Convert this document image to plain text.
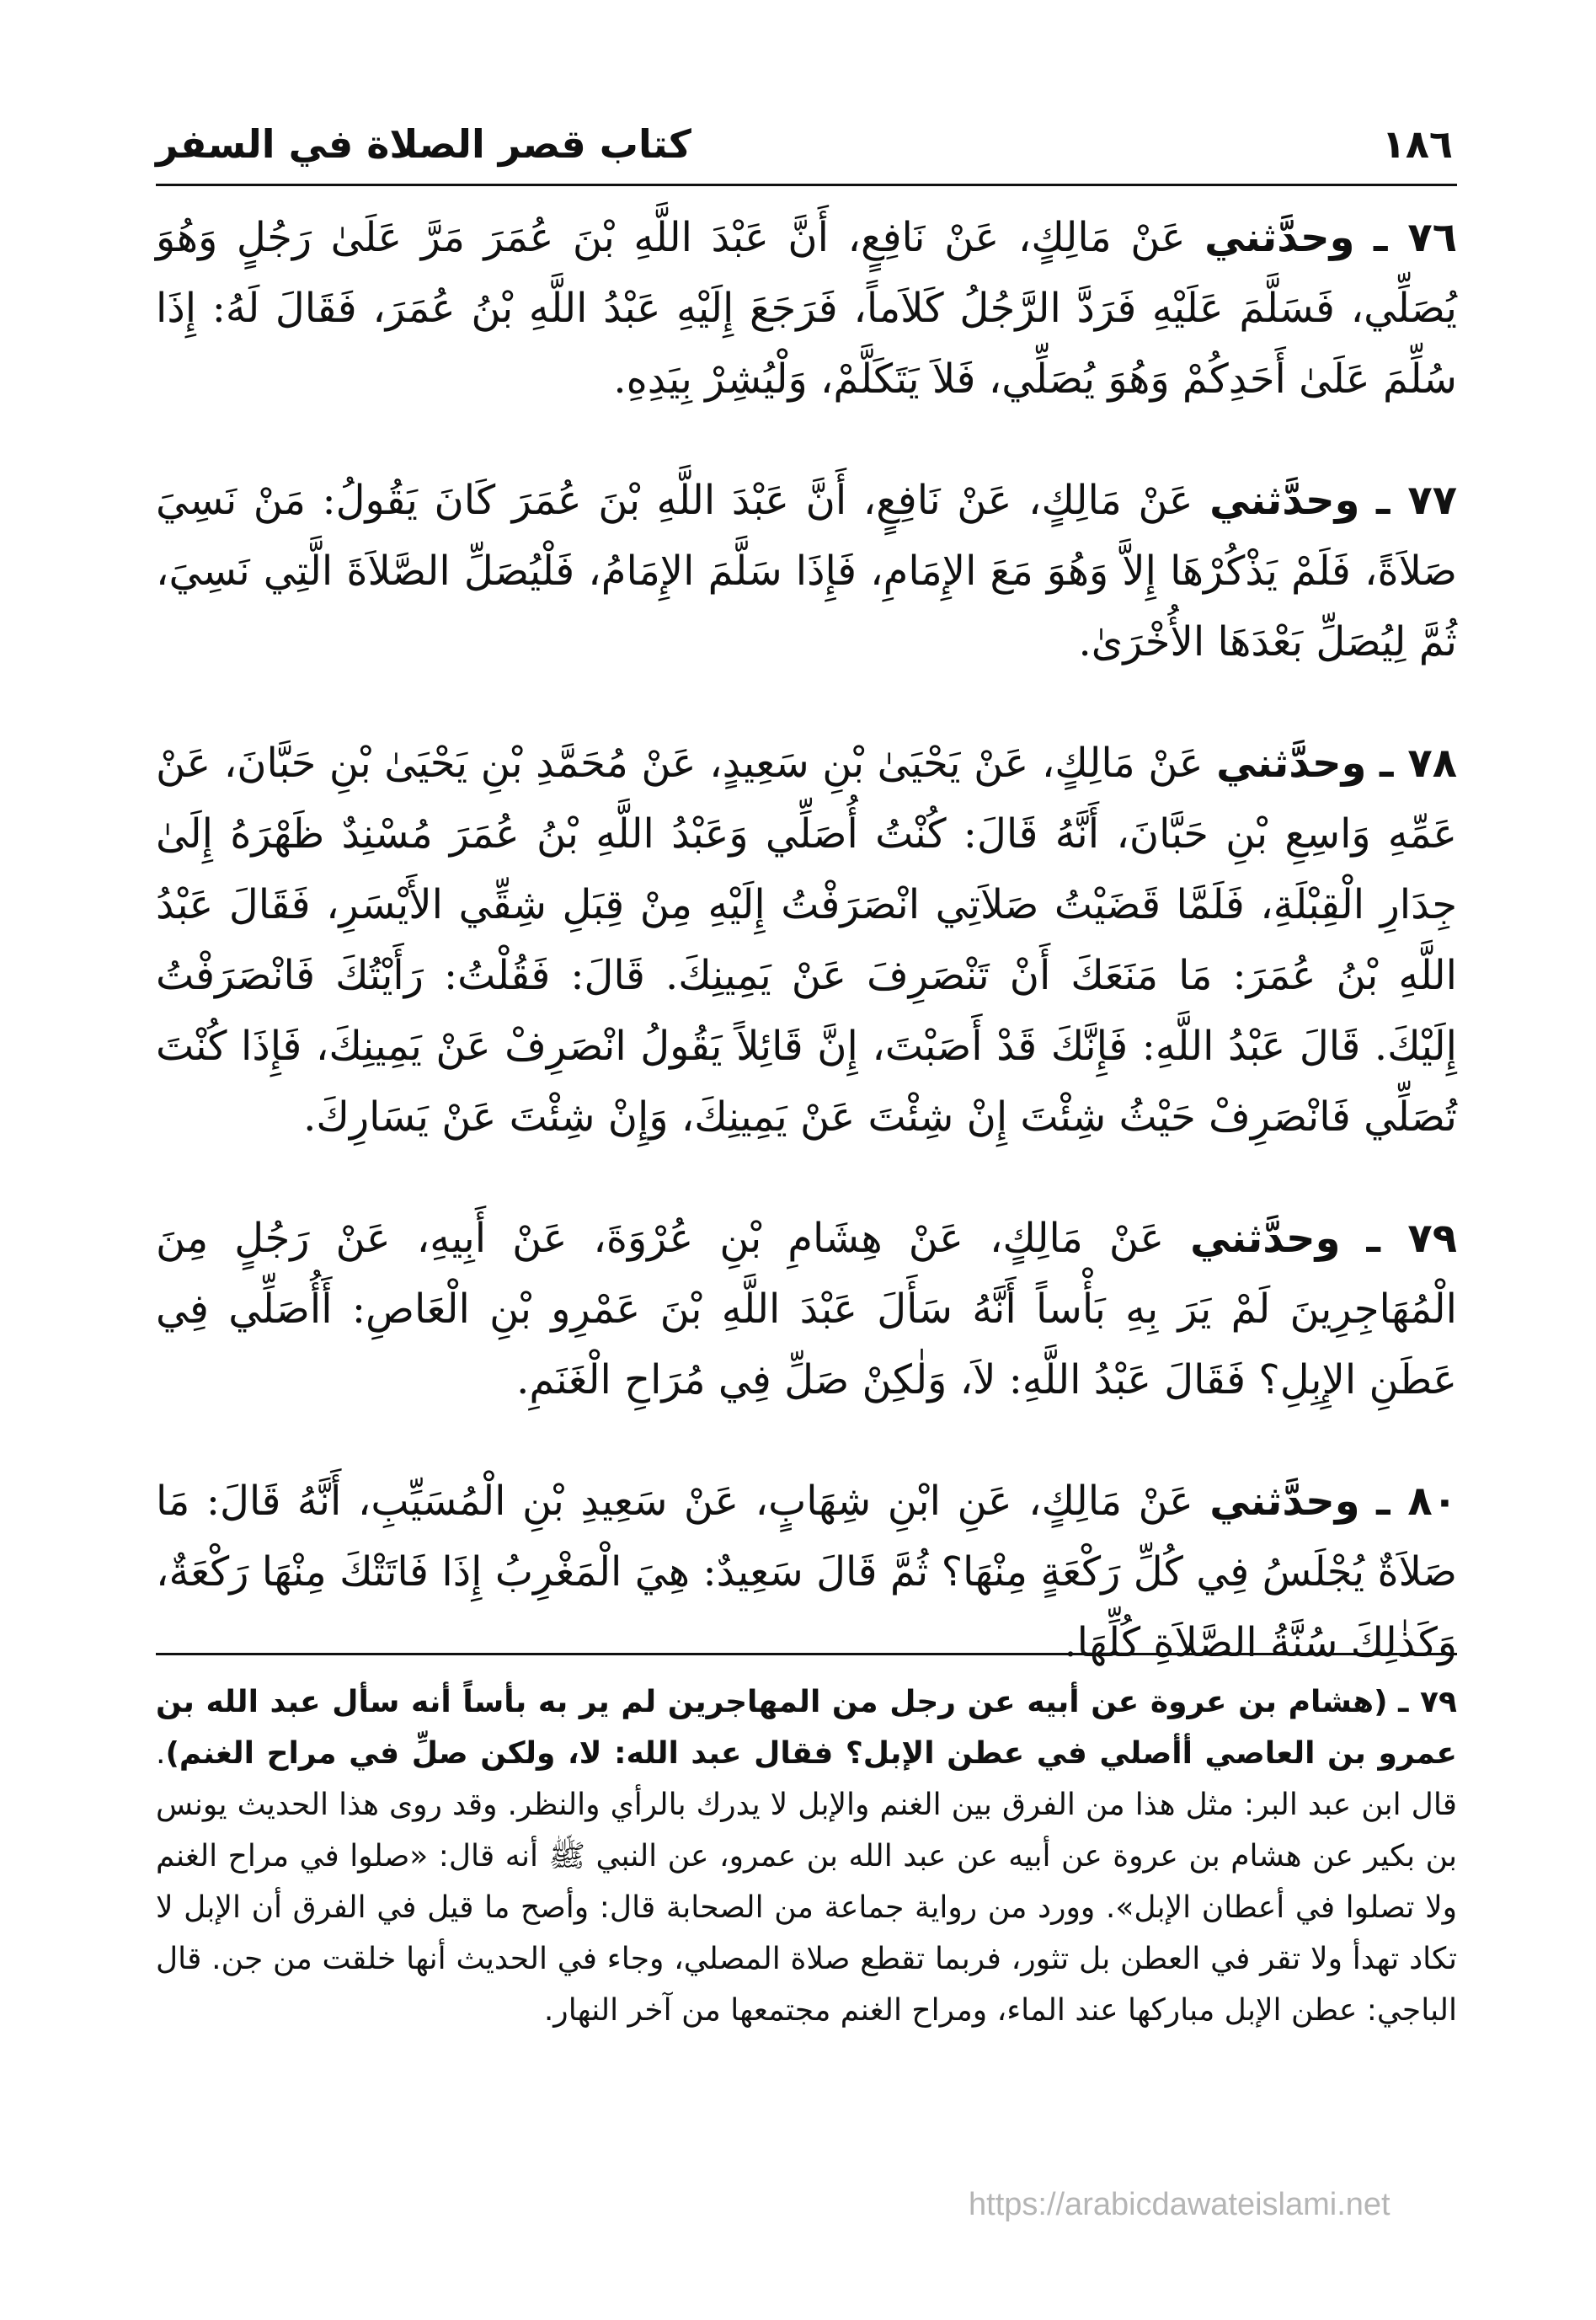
١٨٦
كتاب قصر الصلاة في السفر

٧٦ ـ وحدَّثني عَنْ مَالِكٍ، عَنْ نَافِعٍ، أَنَّ عَبْدَ اللَّهِ بْنَ عُمَرَ مَرَّ عَلَىٰ رَجُلٍ وَهُوَ يُصَلِّي، فَسَلَّمَ عَلَيْهِ فَرَدَّ الرَّجُلُ كَلاَماً، فَرَجَعَ إِلَيْهِ عَبْدُ اللَّهِ بْنُ عُمَرَ، فَقَالَ لَهُ: إِذَا سُلِّمَ عَلَىٰ أَحَدِكُمْ وَهُوَ يُصَلِّي، فَلاَ يَتَكَلَّمْ، وَلْيُشِرْ بِيَدِهِ.

٧٧ ـ وحدَّثني عَنْ مَالِكٍ، عَنْ نَافِعٍ، أَنَّ عَبْدَ اللَّهِ بْنَ عُمَرَ كَانَ يَقُولُ: مَنْ نَسِيَ صَلاَةً، فَلَمْ يَذْكُرْهَا إِلاَّ وَهُوَ مَعَ الإِمَامِ، فَإِذَا سَلَّمَ الإِمَامُ، فَلْيُصَلِّ الصَّلاَةَ الَّتِي نَسِيَ، ثُمَّ لِيُصَلِّ بَعْدَهَا الأُخْرَىٰ.

٧٨ ـ وحدَّثني عَنْ مَالِكٍ، عَنْ يَحْيَىٰ بْنِ سَعِيدٍ، عَنْ مُحَمَّدِ بْنِ يَحْيَىٰ بْنِ حَبَّانَ، عَنْ عَمِّهِ وَاسِعِ بْنِ حَبَّانَ، أَنَّهُ قَالَ: كُنْتُ أُصَلِّي وَعَبْدُ اللَّهِ بْنُ عُمَرَ مُسْنِدٌ ظَهْرَهُ إِلَىٰ جِدَارِ الْقِبْلَةِ، فَلَمَّا قَضَيْتُ صَلاَتِي انْصَرَفْتُ إِلَيْهِ مِنْ قِبَلِ شِقِّي الأَيْسَرِ، فَقَالَ عَبْدُ اللَّهِ بْنُ عُمَرَ: مَا مَنَعَكَ أَنْ تَنْصَرِفَ عَنْ يَمِينِكَ. قَالَ: فَقُلْتُ: رَأَيْتُكَ فَانْصَرَفْتُ إِلَيْكَ. قَالَ عَبْدُ اللَّهِ: فَإِنَّكَ قَدْ أَصَبْتَ، إِنَّ قَائِلاً يَقُولُ انْصَرِفْ عَنْ يَمِينِكَ، فَإِذَا كُنْتَ تُصَلِّي فَانْصَرِفْ حَيْثُ شِئْتَ إِنْ شِئْتَ عَنْ يَمِينِكَ، وَإِنْ شِئْتَ عَنْ يَسَارِكَ.

٧٩ ـ وحدَّثني عَنْ مَالِكٍ، عَنْ هِشَامِ بْنِ عُرْوَةَ، عَنْ أَبِيهِ، عَنْ رَجُلٍ مِنَ الْمُهَاجِرِينَ لَمْ يَرَ بِهِ بَأْساً أَنَّهُ سَأَلَ عَبْدَ اللَّهِ بْنَ عَمْرِو بْنِ الْعَاصِ: أَأُصَلِّي فِي عَطَنِ الإِبِلِ؟ فَقَالَ عَبْدُ اللَّهِ: لاَ، وَلٰكِنْ صَلِّ فِي مُرَاحِ الْغَنَمِ.

٨٠ ـ وحدَّثني عَنْ مَالِكٍ، عَنِ ابْنِ شِهَابٍ، عَنْ سَعِيدِ بْنِ الْمُسَيِّبِ، أَنَّهُ قَالَ: مَا صَلاَةٌ يُجْلَسُ فِي كُلِّ رَكْعَةٍ مِنْهَا؟ ثُمَّ قَالَ سَعِيدٌ: هِيَ الْمَغْرِبُ إِذَا فَاتَتْكَ مِنْهَا رَكْعَةٌ، وَكَذٰلِكَ سُنَّةُ الصَّلاَةِ كُلِّهَا.

٧٩ ـ (هشام بن عروة عن أبيه عن رجل من المهاجرين لم ير به بأساً أنه سأل عبد الله بن عمرو بن العاصي أأصلي في عطن الإبل؟ فقال عبد الله: لا، ولكن صلِّ في مراح الغنم). قال ابن عبد البر: مثل هذا من الفرق بين الغنم والإبل لا يدرك بالرأي والنظر. وقد روى هذا الحديث يونس بن بكير عن هشام بن عروة عن أبيه عن عبد الله بن عمرو، عن النبي ﷺ أنه قال: «صلوا في مراح الغنم ولا تصلوا في أعطان الإبل». وورد من رواية جماعة من الصحابة قال: وأصح ما قيل في الفرق أن الإبل لا تكاد تهدأ ولا تقر في العطن بل تثور، فربما تقطع صلاة المصلي، وجاء في الحديث أنها خلقت من جن. قال الباجي: عطن الإبل مباركها عند الماء، ومراح الغنم مجتمعها من آخر النهار.
https://arabicdawateislami.net
